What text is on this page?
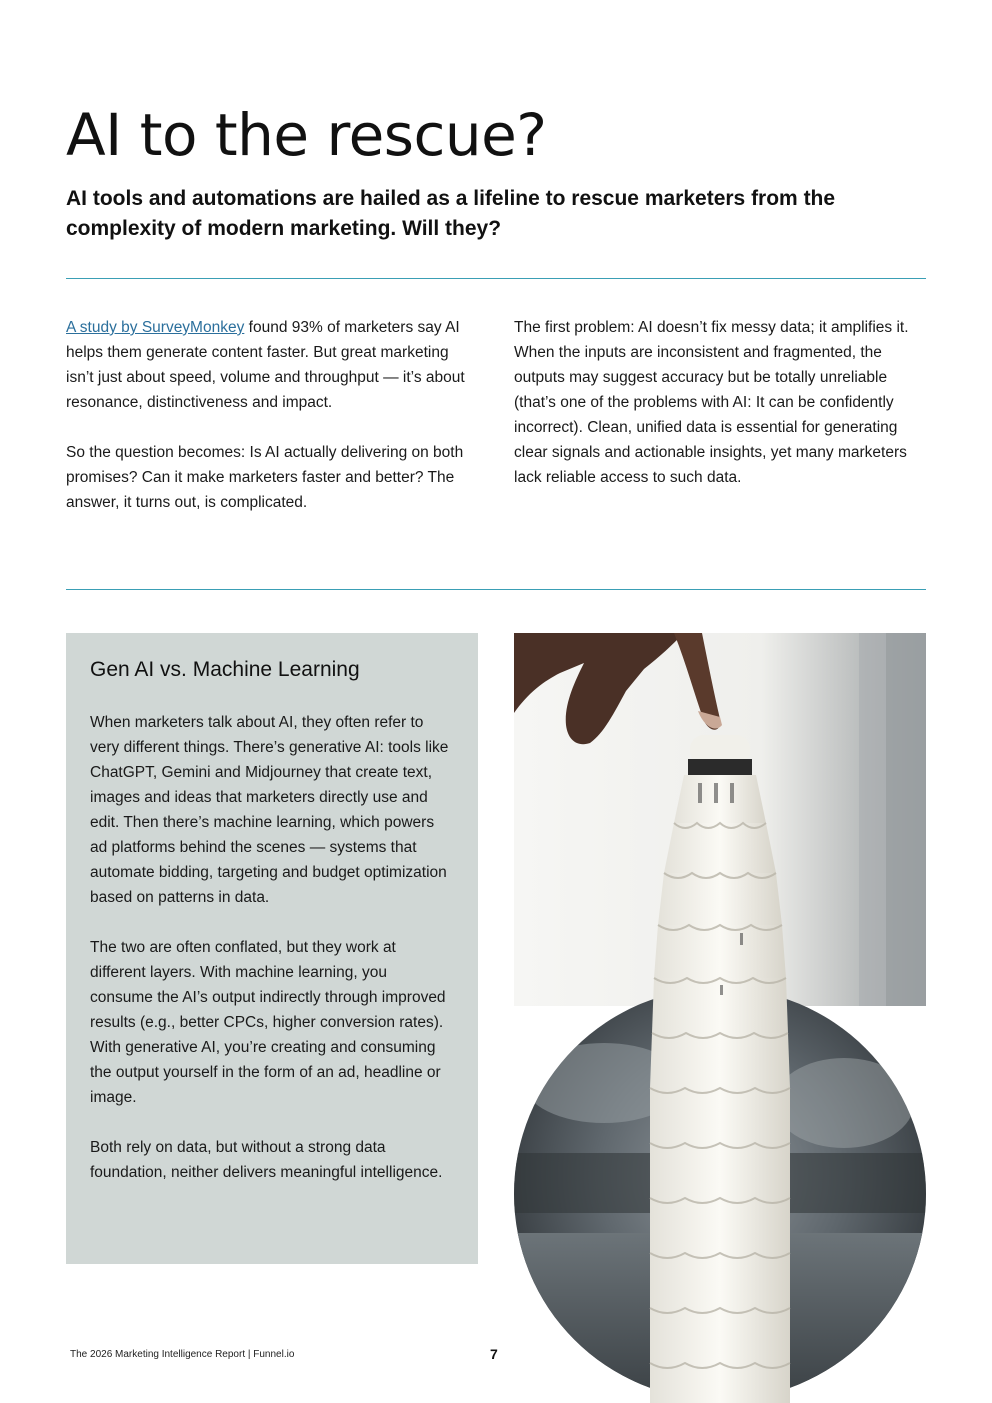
AI to the rescue?
AI tools and automations are hailed as a lifeline to rescue marketers from the complexity of modern marketing. Will they?

A study by SurveyMonkey found 93% of marketers say AI helps them generate content faster. But great marketing isn’t just about speed, volume and throughput — it’s about resonance, distinctiveness and impact.

So the question becomes: Is AI actually delivering on both promises? Can it make marketers faster and better? The answer, it turns out, is complicated.

The first problem: AI doesn’t fix messy data; it amplifies it. When the inputs are inconsistent and fragmented, the outputs may suggest accuracy but be totally unreliable (that’s one of the problems with AI: It can be confidently incorrect). Clean, unified data is essential for generating clear signals and actionable insights, yet many marketers lack reliable access to such data.

Gen AI vs. Machine Learning

When marketers talk about AI, they often refer to very different things. There’s generative AI: tools like ChatGPT, Gemini and Midjourney that create text, images and ideas that marketers directly use and edit. Then there’s machine learning, which powers ad platforms behind the scenes — systems that automate bidding, targeting and budget optimization based on patterns in data.

The two are often conflated, but they work at different layers. With machine learning, you consume the AI’s output indirectly through improved results (e.g., better CPCs, higher conversion rates). With generative AI, you’re creating and consuming the output yourself in the form of an ad, headline or image.

Both rely on data, but without a strong data foundation, neither delivers meaningful intelligence.

The 2026 Marketing Intelligence Report | Funnel.io	7
